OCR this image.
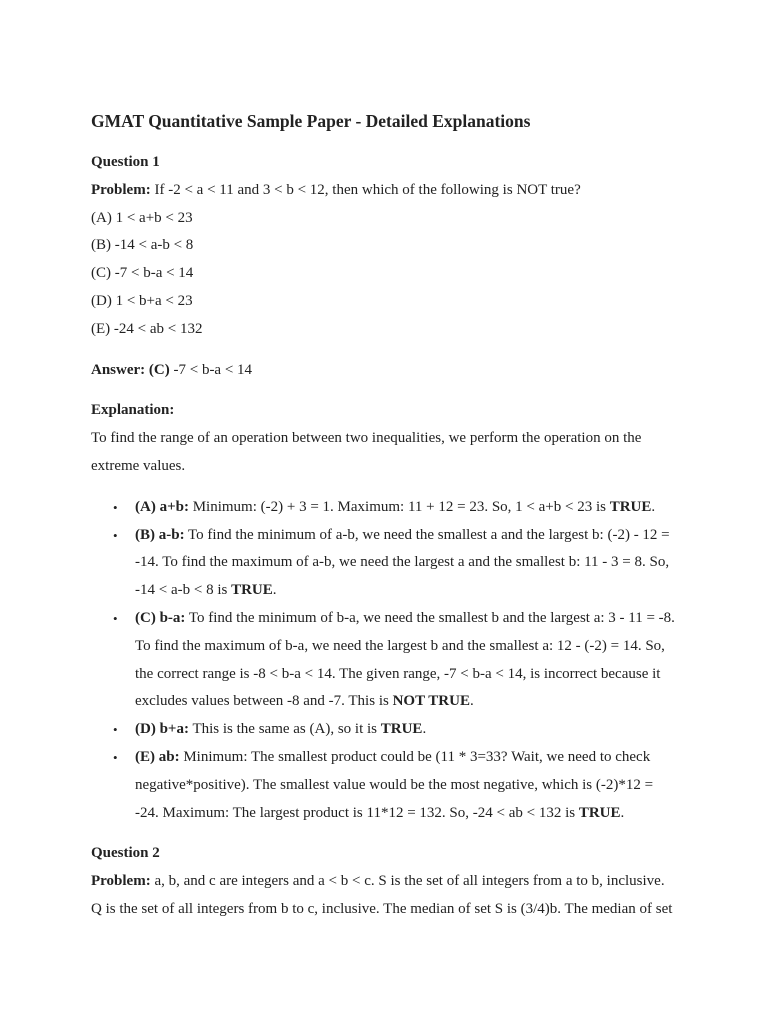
GMAT Quantitative Sample Paper - Detailed Explanations

Question 1

Problem: If -2 < a < 11 and 3 < b < 12, then which of the following is NOT true?

(A) 1 < a+b < 23

(B) -14 < a-b < 8

(C) -7 < b-a < 14

(D) 1 < b+a < 23

(E) -24 < ab < 132

Answer: (C) -7 < b-a < 14

Explanation:

To find the range of an operation between two inequalities, we perform the operation on the extreme values.

• (A) a+b: Minimum: (-2) + 3 = 1. Maximum: 11 + 12 = 23. So, 1 < a+b < 23 is TRUE.
• (B) a-b: To find the minimum of a-b, we need the smallest a and the largest b: (-2) - 12 = -14. To find the maximum of a-b, we need the largest a and the smallest b: 11 - 3 = 8. So, -14 < a-b < 8 is TRUE.
• (C) b-a: To find the minimum of b-a, we need the smallest b and the largest a: 3 - 11 = -8. To find the maximum of b-a, we need the largest b and the smallest a: 12 - (-2) = 14. So, the correct range is -8 < b-a < 14. The given range, -7 < b-a < 14, is incorrect because it excludes values between -8 and -7. This is NOT TRUE.
• (D) b+a: This is the same as (A), so it is TRUE.
• (E) ab: Minimum: The smallest product could be (11 * 3=33? Wait, we need to check negative*positive). The smallest value would be the most negative, which is (-2)*12 = -24. Maximum: The largest product is 11*12 = 132. So, -24 < ab < 132 is TRUE.

Question 2

Problem: a, b, and c are integers and a < b < c. S is the set of all integers from a to b, inclusive. Q is the set of all integers from b to c, inclusive. The median of set S is (3/4)b. The median of set
